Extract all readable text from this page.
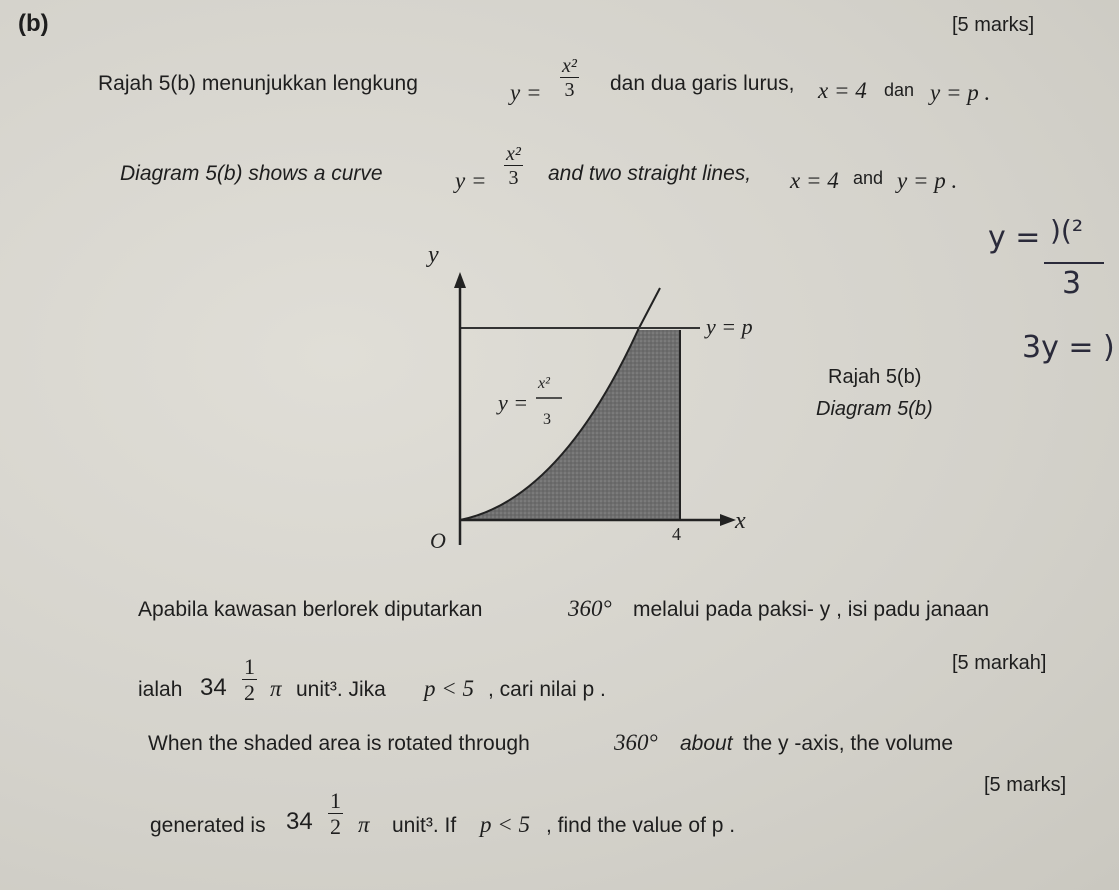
(b)	[5 marks]
Rajah 5(b) menunjukkan lengkung	$y = \frac{\text{x²}}{3}$ dan dua garis lurus, x = 4 dan y = p .
Diagram 5(b) shows a curve	$y = \frac{\text{x²}}{3}$ and two straight lines, x = 4 and y = p .
y
x
O	4
y = p
y =
x²
3
Rajah 5(b)
Diagram 5(b)
Apabila kawasan berlorek diputarkan	360° melalui pada paksi- y , isi padu janaan
ialah $34 \frac{1}{2}$ π unit³. Jika p < 5 , cari nilai p .
[5 markah]
When the shaded area is rotated through	360° about the y -axis, the volume
generated is $34 \frac{1}{2}$ π unit³. If p < 5 , find the value of p .
[5 marks]
y = )(²
3
3y = )
